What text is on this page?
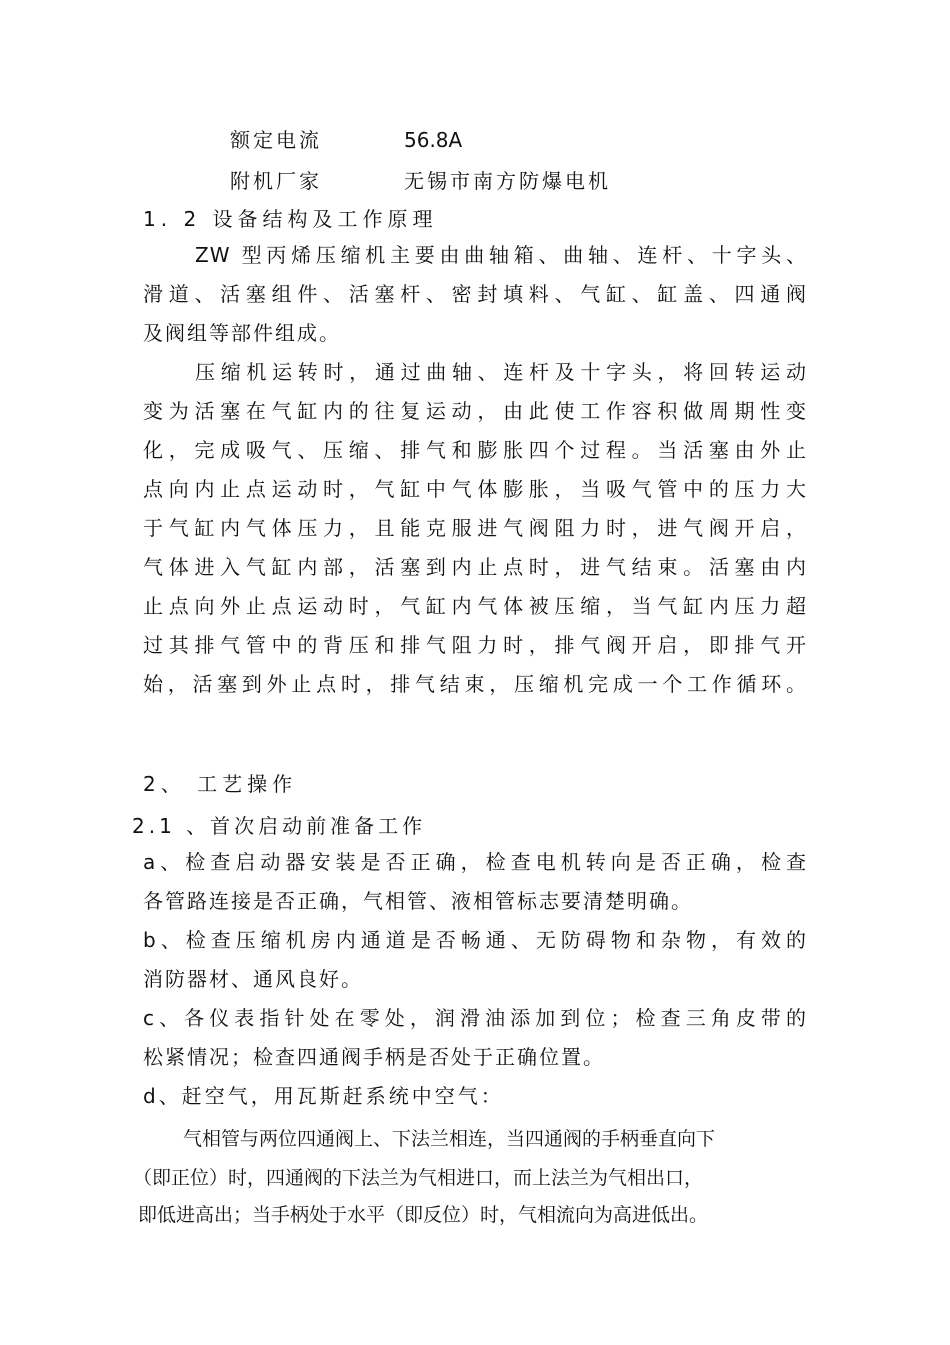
额定电流	56.8A
附机厂家	无锡市南方防爆电机
1. 2 设备结构及工作原理
ZW 型丙烯压缩机主要由曲轴箱、曲轴、连杆、十字头、
滑道、活塞组件、活塞杆、密封填料、气缸、缸盖、四通阀
及阀组等部件组成。
压缩机运转时，通过曲轴、连杆及十字头，将回转运动
变为活塞在气缸内的往复运动，由此使工作容积做周期性变
化，完成吸气、压缩、排气和膨胀四个过程。当活塞由外止
点向内止点运动时，气缸中气体膨胀，当吸气管中的压力大
于气缸内气体压力，且能克服进气阀阻力时，进气阀开启，
气体进入气缸内部，活塞到内止点时，进气结束。活塞由内
止点向外止点运动时，气缸内气体被压缩，当气缸内压力超
过其排气管中的背压和排气阻力时，排气阀开启，即排气开
始，活塞到外止点时，排气结束，压缩机完成一个工作循环。
2、 工艺操作
2.1 、首次启动前准备工作
a、检查启动器安装是否正确，检查电机转向是否正确，检查
各管路连接是否正确，气相管、液相管标志要清楚明确。
b、检查压缩机房内通道是否畅通、无防碍物和杂物，有效的
消防器材、通风良好。
c、各仪表指针处在零处，润滑油添加到位；检查三角皮带的
松紧情况；检查四通阀手柄是否处于正确位置。
d、赶空气，用瓦斯赶系统中空气：
气相管与两位四通阀上、下法兰相连，当四通阀的手柄垂直向下
（即正位）时，四通阀的下法兰为气相进口，而上法兰为气相出口，
即低进高出；当手柄处于水平（即反位）时，气相流向为高进低出。
